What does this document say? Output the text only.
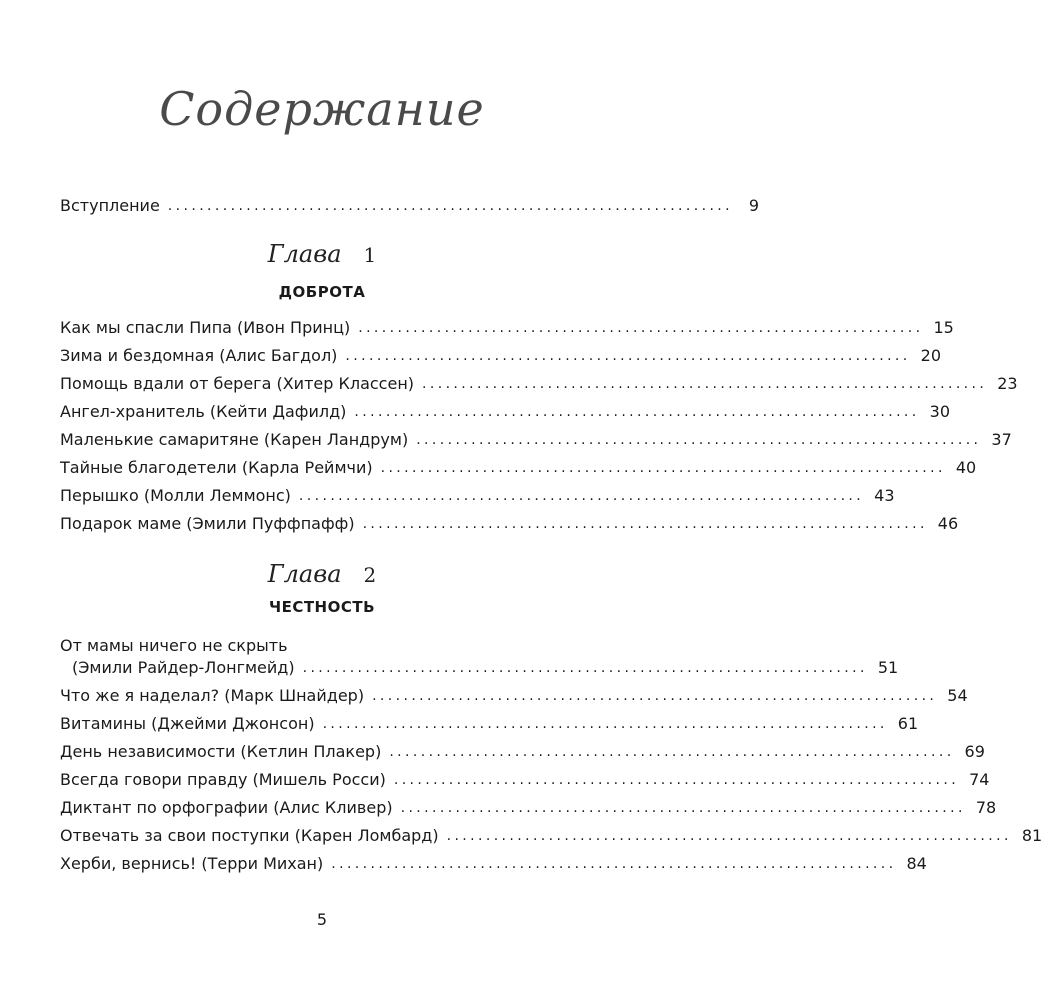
Содержание
Вступление ........................................................................ 9
Глава 1
ДОБРОТА
Как мы спасли Пипа (Ивон Принц) ........................................................................ 15
Зима и бездомная (Алис Багдол) ........................................................................ 20
Помощь вдали от берега (Хитер Классен) ........................................................................ 23
Ангел-хранитель (Кейти Дафилд) ........................................................................ 30
Маленькие самаритяне (Карен Ландрум) ........................................................................ 37
Тайные благодетели (Карла Реймчи) ........................................................................ 40
Перышко (Молли Леммонс) ........................................................................ 43
Подарок маме (Эмили Пуффпафф) ........................................................................ 46
Глава 2
ЧЕСТНОСТЬ
От мамы ничего не скрыть
(Эмили Райдер-Лонгмейд) ........................................................................ 51
Что же я наделал? (Марк Шнайдер) ........................................................................ 54
Витамины (Джейми Джонсон) ........................................................................ 61
День независимости (Кетлин Плакер) ........................................................................ 69
Всегда говори правду (Мишель Росси) ........................................................................ 74
Диктант по орфографии (Алис Кливер) ........................................................................ 78
Отвечать за свои поступки (Карен Ломбард) ........................................................................ 81
Херби, вернись! (Терри Михан) ........................................................................ 84
5
